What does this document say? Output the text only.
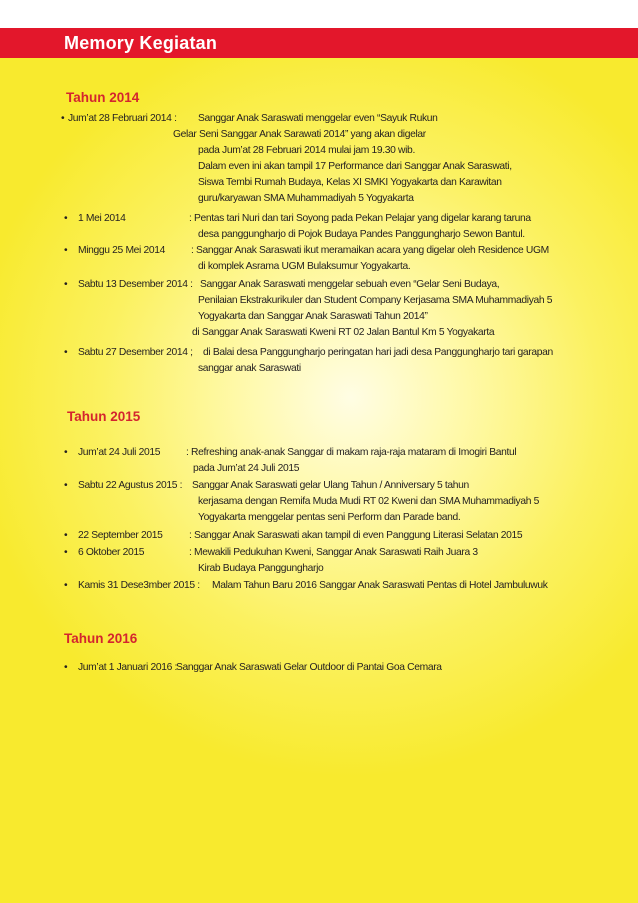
Memory Kegiatan
Tahun 2014
• Jum’at 28 Februari 2014 : Sanggar Anak Saraswati menggelar even “Sayuk Rukun
Gelar Seni Sanggar Anak Sarawati 2014” yang akan digelar
pada Jum’at 28 Februari 2014 mulai jam 19.30 wib.
Dalam even ini akan tampil 17 Performance dari Sanggar Anak Saraswati,
Siswa Tembi Rumah Budaya, Kelas XI SMKI Yogyakarta dan Karawitan
guru/karyawan SMA Muhammadiyah 5 Yogyakarta
•	1 Mei 2014	: Pentas tari Nuri dan tari Soyong pada Pekan Pelajar yang digelar karang taruna
desa panggungharjo di Pojok Budaya Pandes Panggungharjo Sewon Bantul.
•	Minggu 25 Mei 2014	: Sanggar Anak Saraswati ikut meramaikan acara yang digelar oleh Residence UGM
di komplek Asrama UGM Bulaksumur Yogyakarta.
•	Sabtu 13 Desember 2014 : Sanggar Anak Saraswati menggelar sebuah even “Gelar Seni Budaya,
Penilaian Ekstrakurikuler dan Student Company Kerjasama SMA Muhammadiyah 5
Yogyakarta dan Sanggar Anak Saraswati Tahun 2014”
di Sanggar Anak Saraswati Kweni RT 02 Jalan Bantul Km 5 Yogyakarta
•	Sabtu 27 Desember 2014 ; di Balai desa Panggungharjo peringatan hari jadi desa Panggungharjo tari garapan
sanggar anak Saraswati
Tahun 2015
•	Jum’at 24 Juli 2015	: Refreshing anak-anak Sanggar di makam raja-raja mataram di Imogiri Bantul
pada Jum’at 24 Juli 2015
•	Sabtu 22 Agustus 2015 : Sanggar Anak Saraswati gelar Ulang Tahun / Anniversary 5 tahun
kerjasama dengan Remifa Muda Mudi RT 02 Kweni dan SMA Muhammadiyah 5
Yogyakarta menggelar pentas seni Perform dan Parade band.
•	22 September 2015	: Sanggar Anak Saraswati akan tampil di even Panggung Literasi Selatan 2015
•	6 Oktober 2015	: Mewakili Pedukuhan Kweni, Sanggar Anak Saraswati Raih Juara 3
Kirab Budaya Panggungharjo
•	Kamis 31 Dese3mber 2015 : Malam Tahun Baru 2016 Sanggar Anak Saraswati Pentas di Hotel Jambuluwuk
Tahun 2016
•	Jum’at 1 Januari 2016 : Sanggar Anak Saraswati Gelar Outdoor di Pantai Goa Cemara
